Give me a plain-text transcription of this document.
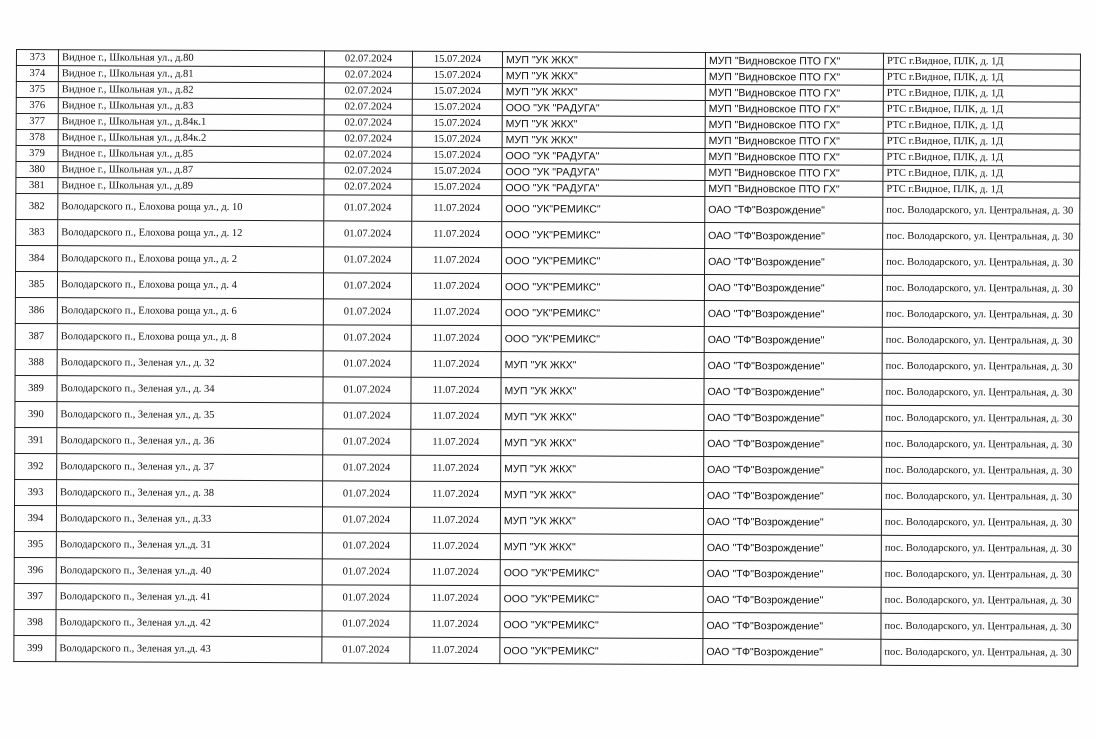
373	Видное г., Школьная ул., д.80	02.07.2024	15.07.2024	МУП "УК ЖКХ"	МУП "Видновское ПТО ГХ"	РТС г.Видное, ПЛК, д. 1Д
374	Видное г., Школьная ул., д.81	02.07.2024	15.07.2024	МУП "УК ЖКХ"	МУП "Видновское ПТО ГХ"	РТС г.Видное, ПЛК, д. 1Д
375	Видное г., Школьная ул., д.82	02.07.2024	15.07.2024	МУП "УК ЖКХ"	МУП "Видновское ПТО ГХ"	РТС г.Видное, ПЛК, д. 1Д
376	Видное г., Школьная ул., д.83	02.07.2024	15.07.2024	ООО "УК "РАДУГА"	МУП "Видновское ПТО ГХ"	РТС г.Видное, ПЛК, д. 1Д
377	Видное г., Школьная ул., д.84к.1	02.07.2024	15.07.2024	МУП "УК ЖКХ"	МУП "Видновское ПТО ГХ"	РТС г.Видное, ПЛК, д. 1Д
378	Видное г., Школьная ул., д.84к.2	02.07.2024	15.07.2024	МУП "УК ЖКХ"	МУП "Видновское ПТО ГХ"	РТС г.Видное, ПЛК, д. 1Д
379	Видное г., Школьная ул., д.85	02.07.2024	15.07.2024	ООО "УК "РАДУГА"	МУП "Видновское ПТО ГХ"	РТС г.Видное, ПЛК, д. 1Д
380	Видное г., Школьная ул., д.87	02.07.2024	15.07.2024	ООО "УК "РАДУГА"	МУП "Видновское ПТО ГХ"	РТС г.Видное, ПЛК, д. 1Д
381	Видное г., Школьная ул., д.89	02.07.2024	15.07.2024	ООО "УК "РАДУГА"	МУП "Видновское ПТО ГХ"	РТС г.Видное, ПЛК, д. 1Д
382	Володарского п., Елохова роща ул., д. 10	01.07.2024	11.07.2024	ООО "УК"РЕМИКС"	ОАО "ТФ"Возрождение"	пос. Володарского, ул. Центральная, д. 30
383	Володарского п., Елохова роща ул., д. 12	01.07.2024	11.07.2024	ООО "УК"РЕМИКС"	ОАО "ТФ"Возрождение"	пос. Володарского, ул. Центральная, д. 30
384	Володарского п., Елохова роща ул., д. 2	01.07.2024	11.07.2024	ООО "УК"РЕМИКС"	ОАО "ТФ"Возрождение"	пос. Володарского, ул. Центральная, д. 30
385	Володарского п., Елохова роща ул., д. 4	01.07.2024	11.07.2024	ООО "УК"РЕМИКС"	ОАО "ТФ"Возрождение"	пос. Володарского, ул. Центральная, д. 30
386	Володарского п., Елохова роща ул., д. 6	01.07.2024	11.07.2024	ООО "УК"РЕМИКС"	ОАО "ТФ"Возрождение"	пос. Володарского, ул. Центральная, д. 30
387	Володарского п., Елохова роща ул., д. 8	01.07.2024	11.07.2024	ООО "УК"РЕМИКС"	ОАО "ТФ"Возрождение"	пос. Володарского, ул. Центральная, д. 30
388	Володарского п., Зеленая ул., д. 32	01.07.2024	11.07.2024	МУП "УК ЖКХ"	ОАО "ТФ"Возрождение"	пос. Володарского, ул. Центральная, д. 30
389	Володарского п., Зеленая ул., д. 34	01.07.2024	11.07.2024	МУП "УК ЖКХ"	ОАО "ТФ"Возрождение"	пос. Володарского, ул. Центральная, д. 30
390	Володарского п., Зеленая ул., д. 35	01.07.2024	11.07.2024	МУП "УК ЖКХ"	ОАО "ТФ"Возрождение"	пос. Володарского, ул. Центральная, д. 30
391	Володарского п., Зеленая ул., д. 36	01.07.2024	11.07.2024	МУП "УК ЖКХ"	ОАО "ТФ"Возрождение"	пос. Володарского, ул. Центральная, д. 30
392	Володарского п., Зеленая ул., д. 37	01.07.2024	11.07.2024	МУП "УК ЖКХ"	ОАО "ТФ"Возрождение"	пос. Володарского, ул. Центральная, д. 30
393	Володарского п., Зеленая ул., д. 38	01.07.2024	11.07.2024	МУП "УК ЖКХ"	ОАО "ТФ"Возрождение"	пос. Володарского, ул. Центральная, д. 30
394	Володарского п., Зеленая ул., д.33	01.07.2024	11.07.2024	МУП "УК ЖКХ"	ОАО "ТФ"Возрождение"	пос. Володарского, ул. Центральная, д. 30
395	Володарского п., Зеленая ул.,д. 31	01.07.2024	11.07.2024	МУП "УК ЖКХ"	ОАО "ТФ"Возрождение"	пос. Володарского, ул. Центральная, д. 30
396	Володарского п., Зеленая ул.,д. 40	01.07.2024	11.07.2024	ООО "УК"РЕМИКС"	ОАО "ТФ"Возрождение"	пос. Володарского, ул. Центральная, д. 30
397	Володарского п., Зеленая ул.,д. 41	01.07.2024	11.07.2024	ООО "УК"РЕМИКС"	ОАО "ТФ"Возрождение"	пос. Володарского, ул. Центральная, д. 30
398	Володарского п., Зеленая ул.,д. 42	01.07.2024	11.07.2024	ООО "УК"РЕМИКС"	ОАО "ТФ"Возрождение"	пос. Володарского, ул. Центральная, д. 30
399	Володарского п., Зеленая ул.,д. 43	01.07.2024	11.07.2024	ООО "УК"РЕМИКС"	ОАО "ТФ"Возрождение"	пос. Володарского, ул. Центральная, д. 30
